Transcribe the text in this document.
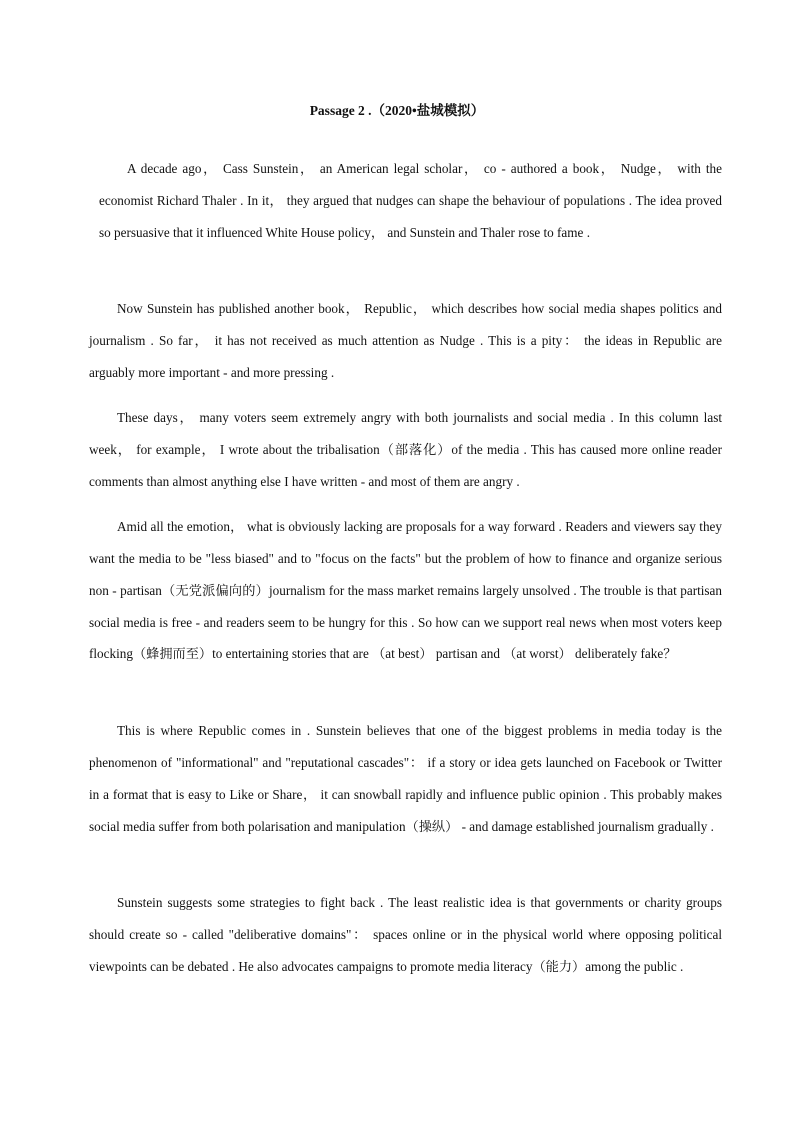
Passage 2 .（2020•盐城模拟）

A decade ago， Cass Sunstein， an American legal scholar， co - authored a book， Nudge， with the economist Richard Thaler . In it， they argued that nudges can shape the behaviour of populations . The idea proved so persuasive that it influenced White House policy， and Sunstein and Thaler rose to fame .

Now Sunstein has published another book， Republic， which describes how social media shapes politics and journalism . So far， it has not received as much attention as Nudge . This is a pity： the ideas in Republic are arguably more important - and more pressing .

These days， many voters seem extremely angry with both journalists and social media . In this column last week， for example， I wrote about the tribalisation（部落化）of the media . This has caused more online reader comments than almost anything else I have written - and most of them are angry .

Amid all the emotion， what is obviously lacking are proposals for a way forward . Readers and viewers say they want the media to be "less biased" and to "focus on the facts" but the problem of how to finance and organize serious non - partisan（无党派偏向的）journalism for the mass market remains largely unsolved . The trouble is that partisan social media is free - and readers seem to be hungry for this . So how can we support real news when most voters keep flocking（蜂拥而至）to entertaining stories that are （at best） partisan and （at worst） deliberately fake？

This is where Republic comes in . Sunstein believes that one of the biggest problems in media today is the phenomenon of "informational" and "reputational cascades"： if a story or idea gets launched on Facebook or Twitter in a format that is easy to Like or Share， it can snowball rapidly and influence public opinion . This probably makes social media suffer from both polarisation and manipulation（操纵） - and damage established journalism gradually .

Sunstein suggests some strategies to fight back . The least realistic idea is that governments or charity groups should create so - called "deliberative domains"： spaces online or in the physical world where opposing political viewpoints can be debated . He also advocates campaigns to promote media literacy（能力）among the public .
